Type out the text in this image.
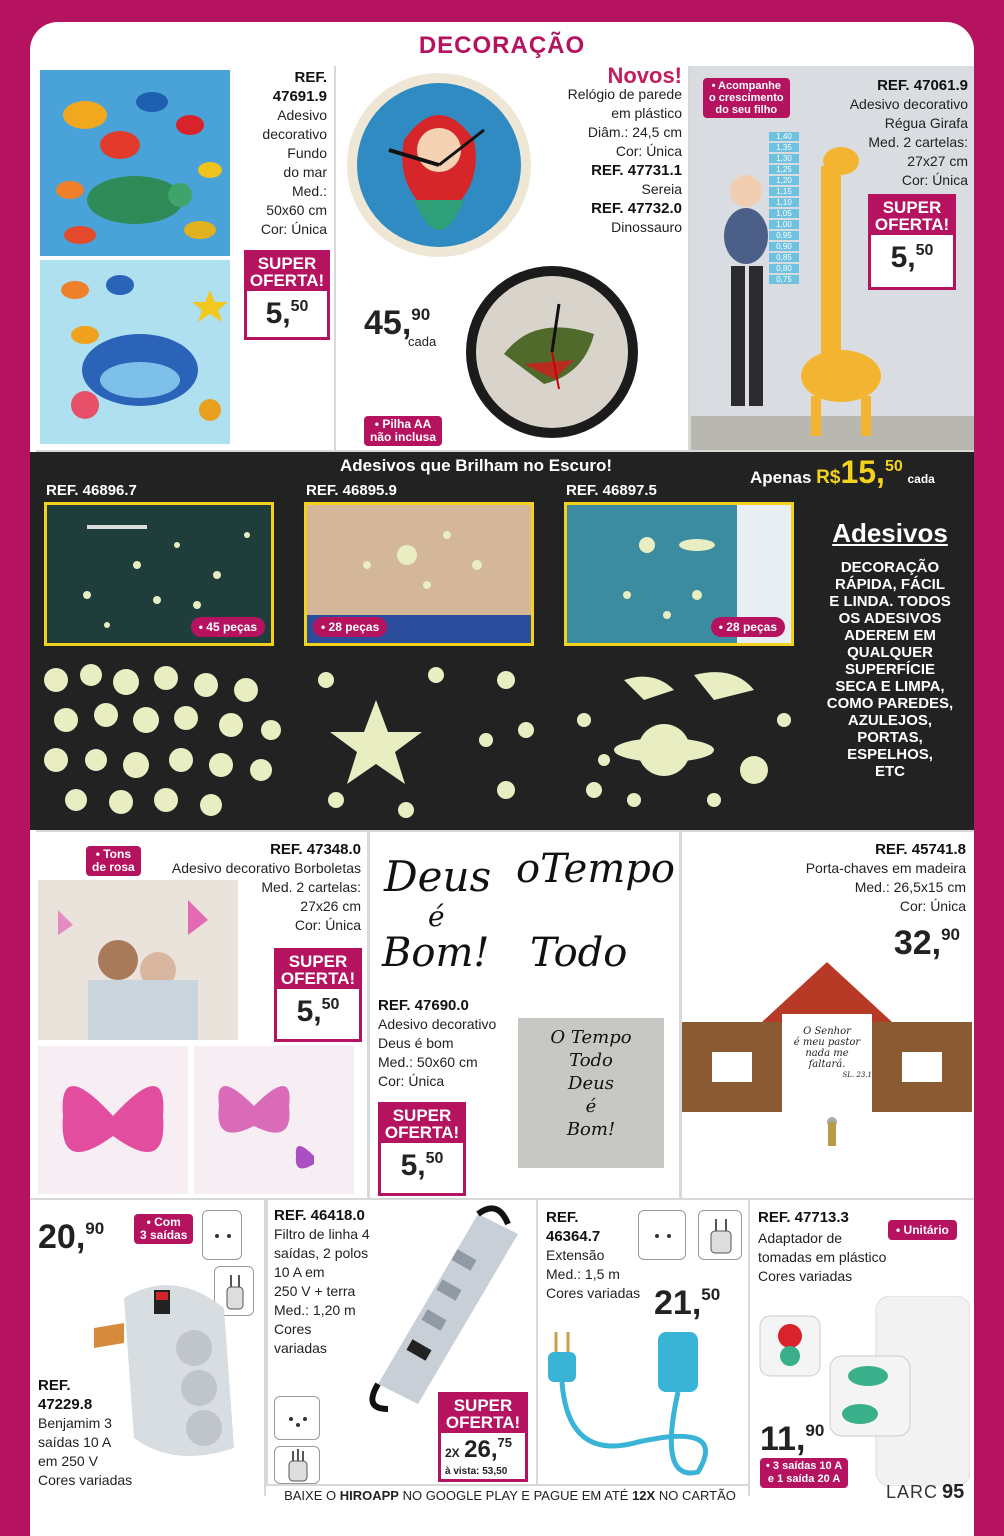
DECORAÇÃO
REF. 47691.9
Adesivo
decorativo
Fundo
do mar
Med.:
50x60 cm
Cor: Única
SUPER
OFERTA!
5,50
Novos!
Relógio de parede
em plástico
Diâm.: 24,5 cm
Cor: Única
REF. 47731.1
Sereia
REF. 47732.0
Dinossauro
45,90
cada
• Pilha AA
não inclusa
1,40
1,35
1,30
1,25
1,20
1,15
1,10
1,05
1,00
0,95
0,90
0,85
0,80
0,75
• Acompanhe
o crescimento
do seu filho
REF. 47061.9
Adesivo decorativo
Régua Girafa
Med. 2 cartelas:
27x27 cm
Cor: Única
SUPER
OFERTA!
5,50
Adesivos que Brilham no Escuro!
Apenas R$15,50 cada
REF. 46896.7	REF. 46895.9	REF. 46897.5
• 45 peças	• 28 peças	• 28 peças
Adesivos
DECORAÇÃO
RÁPIDA, FÁCIL
E LINDA. TODOS
OS ADESIVOS
ADEREM EM
QUALQUER
SUPERFÍCIE
SECA E LIMPA,
COMO PAREDES,
AZULEJOS,
PORTAS,
ESPELHOS,
ETC
• Tons
de rosa
REF. 47348.0
Adesivo decorativo Borboletas
Med. 2 cartelas:
27x26 cm
Cor: Única
SUPER
OFERTA!
5,50
Deus oTempo
é
Bom! Todo
REF. 47690.0
Adesivo decorativo
Deus é bom
Med.: 50x60 cm
Cor: Única
SUPER
OFERTA!
5,50
O Tempo
Todo
Deus
é
Bom!
REF. 45741.8
Porta-chaves em madeira
Med.: 26,5x15 cm
Cor: Única
32,90
O Senhor
é meu pastor
nada me
faltará.
SL. 23.1
20,90	• Com
3 saídas
REF.
47229.8
Benjamim 3
saídas 10 A
em 250 V
Cores variadas
REF. 46418.0
Filtro de linha 4
saídas, 2 polos
10 A em
250 V + terra
Med.: 1,20 m
Cores
variadas
SUPER
OFERTA!
2X 26,75
à vista: 53,50
REF.
46364.7
Extensão
Med.: 1,5 m
Cores variadas 21,50
REF. 47713.3
Adaptador de
tomadas em plástico
Cores variadas
• Unitário
11,90
• 3 saídas 10 A
e 1 saída 20 A
BAIXE O HIROAPP NO GOOGLE PLAY E PAGUE EM ATÉ 12X NO CARTÃO	LARC 95
